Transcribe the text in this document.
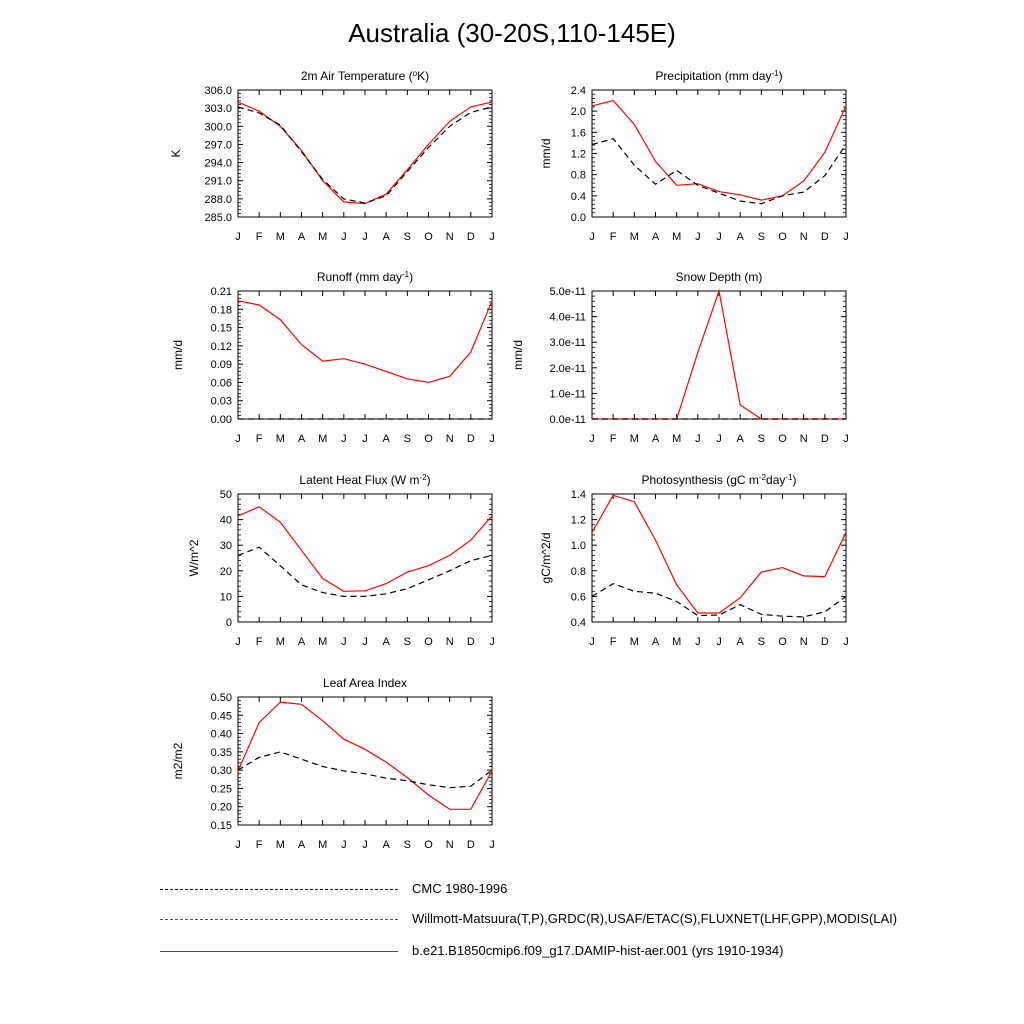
Australia (30-20S,110-145E)
J F M A M J J A S O N D J
285.0
288.0
291.0
294.0
297.0
300.0
303.0
306.0
K
2m Air Temperature ($^o$K)
J F M A M J J A S O N D J
0.0
0.4
0.8
1.2
1.6
2.0
2.4
mm/d
Precipitation (mm day$^{-1}$)
J F M A M J J A S O N D J
0.00
0.03
0.06
0.09
0.12
0.15
0.18
0.21
mm/d
Runoff (mm day$^{-1}$)
J F M A M J J A S O N D J
0.0e-11
1.0e-11
2.0e-11
3.0e-11
4.0e-11
5.0e-11
mm/d
Snow Depth (m)
J F M A M J J A S O N D J
0
10
20
30
40
50
W/m^2
Latent Heat Flux (W $m^{-2}$)
J F M A M J J A S O N D J
0.4
0.6
0.8
1.0
1.2
1.4
gC/m^2/d
Photosynthesis (gC $m^{-2}day^{-1}$)
J F M A M J J A S O N D J
0.15
0.20
0.25
0.30
0.35
0.40
0.45
0.50
m2/m2
Leaf Area Index
CMC 1980-1996
Willmott-Matsuura(T,P),GRDC(R),USAF/ETAC(S),FLUXNET(LHF,GPP),MODIS(LAI)
b.e21.B1850cmip6.f09_g17.DAMIP-hist-aer.001 (yrs 1910-1934)
